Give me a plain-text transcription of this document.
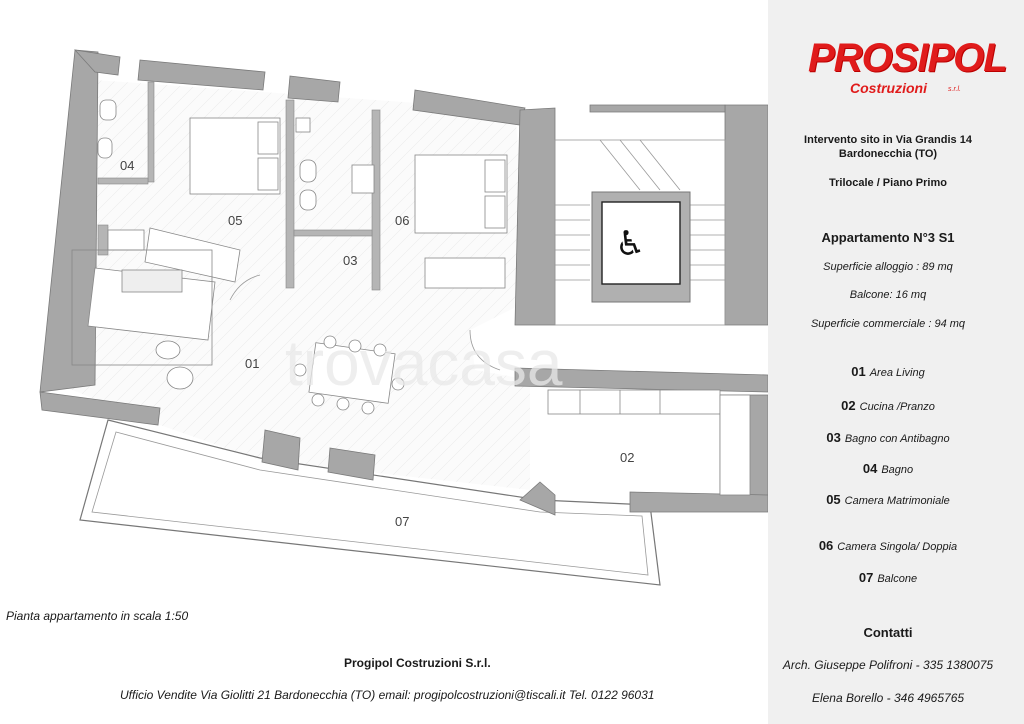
♿
04
05
03
06
01
02
07
trovacasa
Pianta appartamento in scala 1:50
PROSIPOL
Costruzioni	s.r.l.
Intervento sito in Via Grandis 14
Bardonecchia (TO)
Trilocale / Piano Primo
Appartamento N°3 S1
Superficie alloggio : 89 mq
Balcone: 16 mq
Superficie commerciale : 94 mq
01 Area Living
02 Cucina /Pranzo
03 Bagno con Antibagno
04 Bagno
05 Camera Matrimoniale
06 Camera Singola/ Doppia
07 Balcone
Contatti
Arch. Giuseppe Polifroni - 335 1380075
Elena Borello - 346 4965765
Progipol Costruzioni S.r.l.
Ufficio Vendite Via Giolitti 21 Bardonecchia (TO) email: progipolcostruzioni@tiscali.it Tel. 0122 96031
